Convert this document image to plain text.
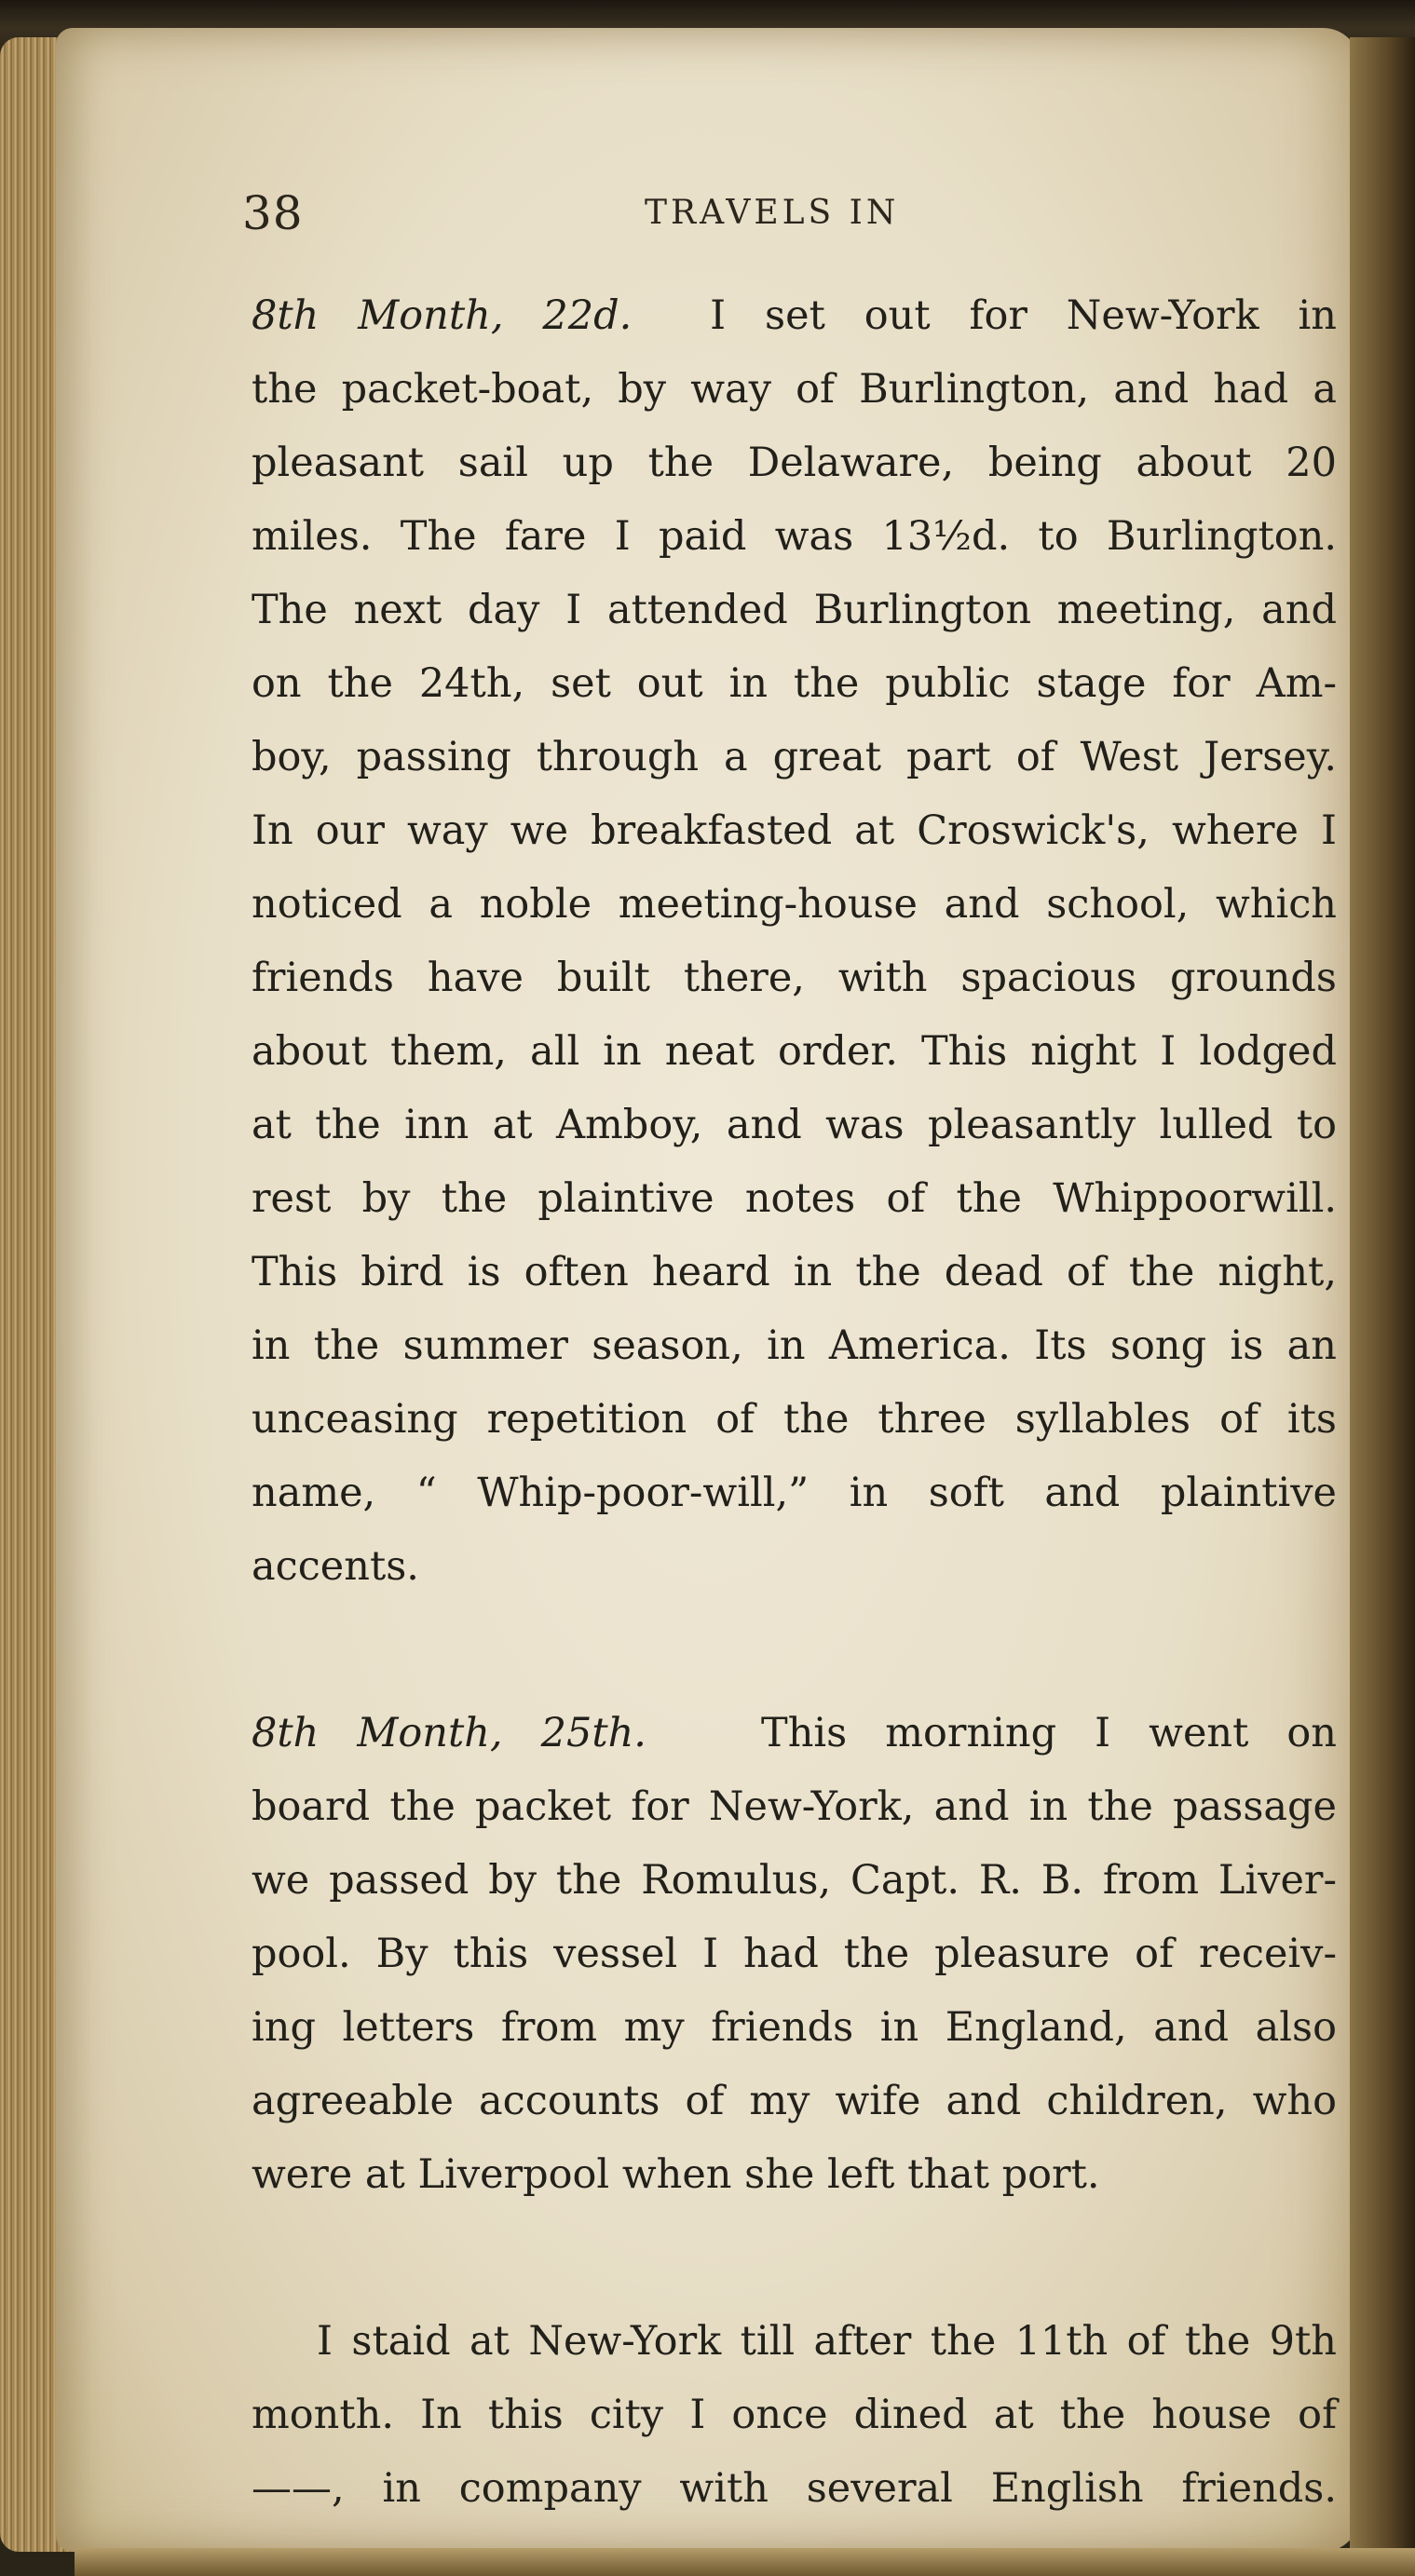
38	TRAVELS IN

8th Month, 22d. I set out for New-York in
the packet-boat, by way of Burlington, and had a
pleasant sail up the Delaware, being about 20
miles. The fare I paid was 13½d. to Burlington.
The next day I attended Burlington meeting, and
on the 24th, set out in the public stage for Am-
boy, passing through a great part of West Jersey.
In our way we breakfasted at Croswick's, where I
noticed a noble meeting-house and school, which
friends have built there, with spacious grounds
about them, all in neat order. This night I lodged
at the inn at Amboy, and was pleasantly lulled to
rest by the plaintive notes of the Whippoorwill.
This bird is often heard in the dead of the night,
in the summer season, in America. Its song is an
unceasing repetition of the three syllables of its
name, “ Whip-poor-will,” in soft and plaintive
accents.

8th Month, 25th.	This morning I went on
board the packet for New-York, and in the passage
we passed by the Romulus, Capt. R. B. from Liver-
pool. By this vessel I had the pleasure of receiv-
ing letters from my friends in England, and also
agreeable accounts of my wife and children, who
were at Liverpool when she left that port.

I staid at New-York till after the 11th of the 9th
month. In this city I once dined at the house of
——, in company with several English friends.
